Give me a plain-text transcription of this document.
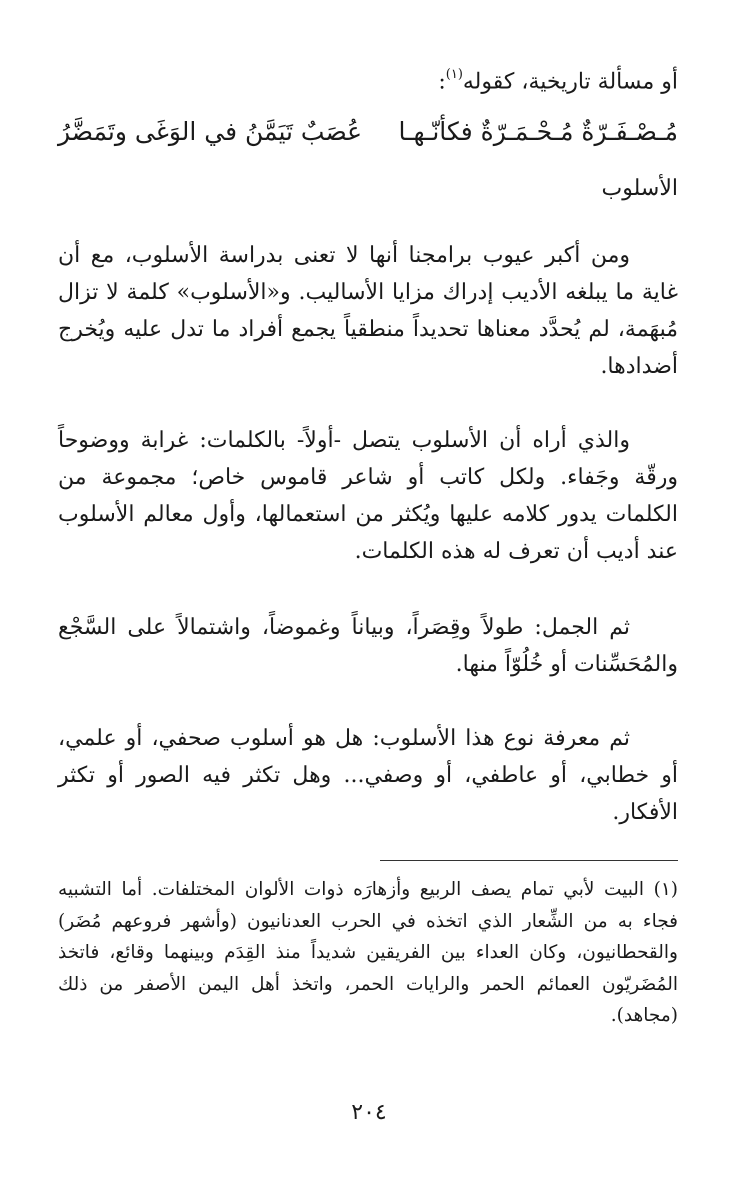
أو مسألة تاريخية، كقوله$^{(١)}$:
مُـصْـفَـرّةٌ مُـحْـمَـرّةٌ فكأنّـهـا
عُصَبٌ تَيَمَّنُ في الوَغَى وتَمَضَّرُ
الأسلوب

ومن أكبر عيوب برامجنا أنها لا تعنى بدراسة الأسلوب، مع أن غاية ما يبلغه الأديب إدراك مزايا الأساليب. و«الأسلوب» كلمة لا تزال مُبهَمة، لم يُحدَّد معناها تحديداً منطقياً يجمع أفراد ما تدل عليه ويُخرج أضدادها.

والذي أراه أن الأسلوب يتصل -أولاً- بالكلمات: غرابة ووضوحاً ورقّة وجَفاء. ولكل كاتب أو شاعر قاموس خاص؛ مجموعة من الكلمات يدور كلامه عليها ويُكثر من استعمالها، وأول معالم الأسلوب عند أديب أن تعرف له هذه الكلمات.

ثم الجمل: طولاً وقِصَراً، وبياناً وغموضاً، واشتمالاً على السَّجْع والمُحَسِّنات أو خُلُوّاً منها.

ثم معرفة نوع هذا الأسلوب: هل هو أسلوب صحفي، أو علمي، أو خطابي، أو عاطفي، أو وصفي... وهل تكثر فيه الصور أو تكثر الأفكار.

(١) البيت لأبي تمام يصف الربيع وأزهارَه ذوات الألوان المختلفات. أما التشبيه فجاء به من الشِّعار الذي اتخذه في الحرب العدنانيون (وأشهر فروعهم مُضَر) والقحطانيون، وكان العداء بين الفريقين شديداً منذ القِدَم وبينهما وقائع، فاتخذ المُضَريّون العمائم الحمر والرايات الحمر، واتخذ أهل اليمن الأصفر من ذلك (مجاهد).

٢٠٤
